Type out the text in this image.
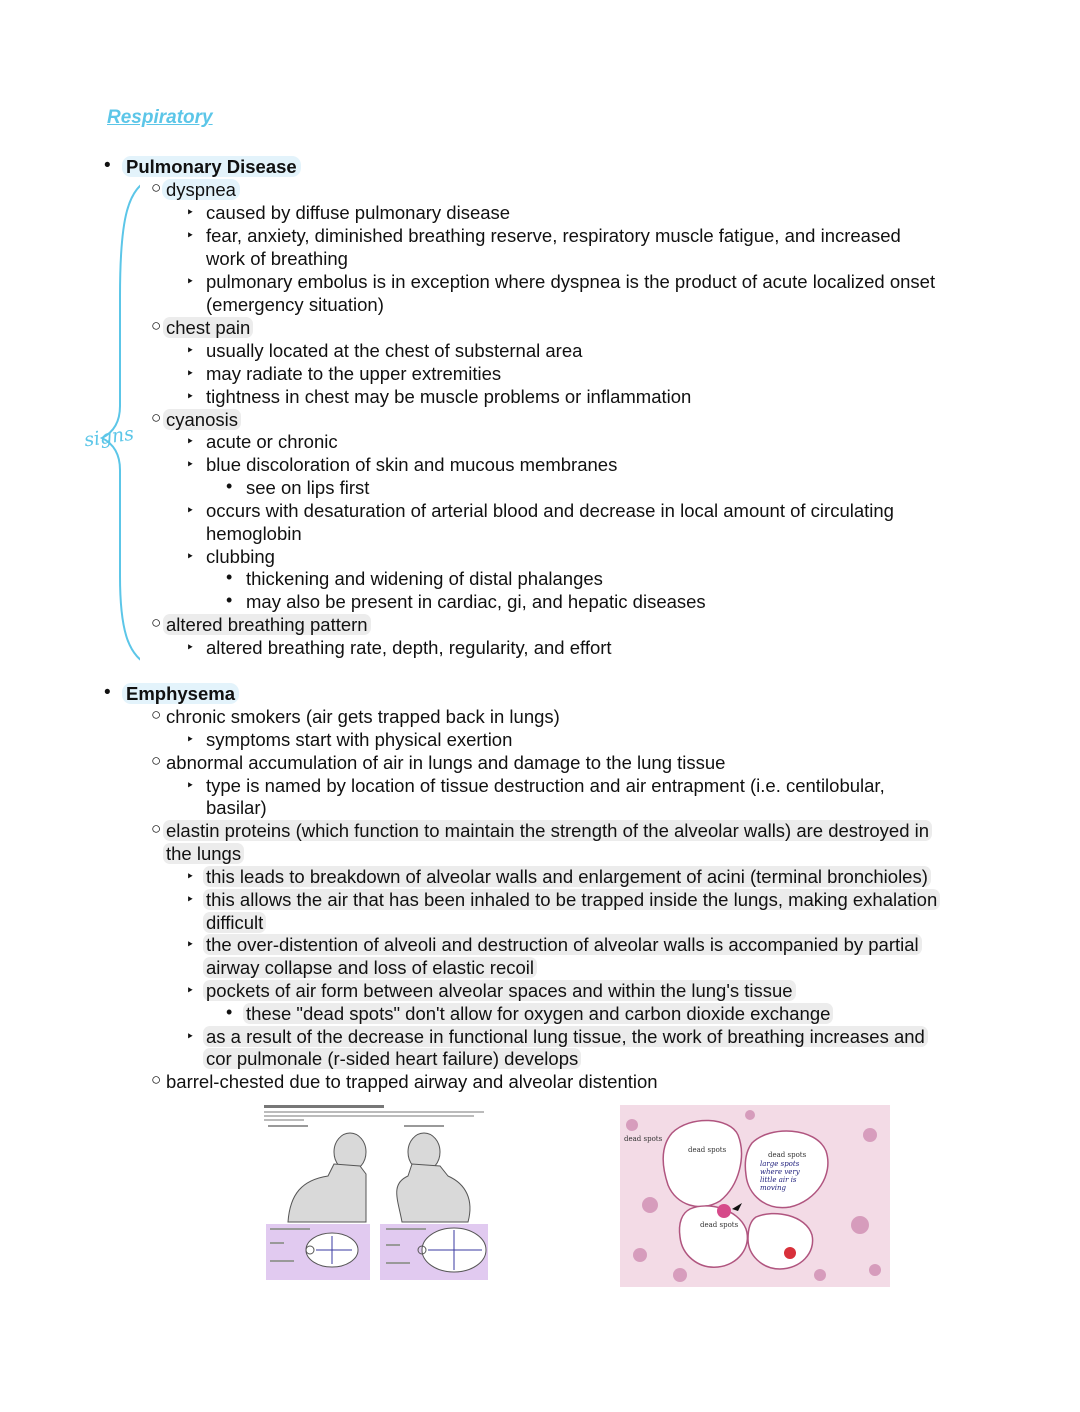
Respiratory
signs
• Pulmonary Disease
○ dyspnea
‣ caused by diffuse pulmonary disease
‣ fear, anxiety, diminished breathing reserve, respiratory muscle fatigue, and increased
work of breathing
‣ pulmonary embolus is in exception where dyspnea is the product of acute localized onset
(emergency situation)
○ chest pain
‣ usually located at the chest of substernal area
‣ may radiate to the upper extremities
‣ tightness in chest may be muscle problems or inflammation
○ cyanosis
‣ acute or chronic
‣ blue discoloration of skin and mucous membranes
• see on lips first
‣ occurs with desaturation of arterial blood and decrease in local amount of circulating
hemoglobin
‣ clubbing
• thickening and widening of distal phalanges
• may also be present in cardiac, gi, and hepatic diseases
○ altered breathing pattern
‣ altered breathing rate, depth, regularity, and effort
• Emphysema
○ chronic smokers (air gets trapped back in lungs)
‣ symptoms start with physical exertion
○ abnormal accumulation of air in lungs and damage to the lung tissue
‣ type is named by location of tissue destruction and air entrapment (i.e. centilobular,
basilar)
○ elastin proteins (which function to maintain the strength of the alveolar walls) are destroyed in
the lungs
‣ this leads to breakdown of alveolar walls and enlargement of acini (terminal bronchioles)
‣ this allows the air that has been inhaled to be trapped inside the lungs, making exhalation
difficult
‣ the over-distention of alveoli and destruction of alveolar walls is accompanied by partial
airway collapse and loss of elastic recoil
‣ pockets of air form between alveolar spaces and within the lung's tissue
• these "dead spots" don't allow for oxygen and carbon dioxide exchange
‣ as a result of the decrease in functional lung tissue, the work of breathing increases and
cor pulmonale (r-sided heart failure) develops
○ barrel-chested due to trapped airway and alveolar distention
dead spots
dead spots
dead spots
dead spots
large spots where very little air is moving
